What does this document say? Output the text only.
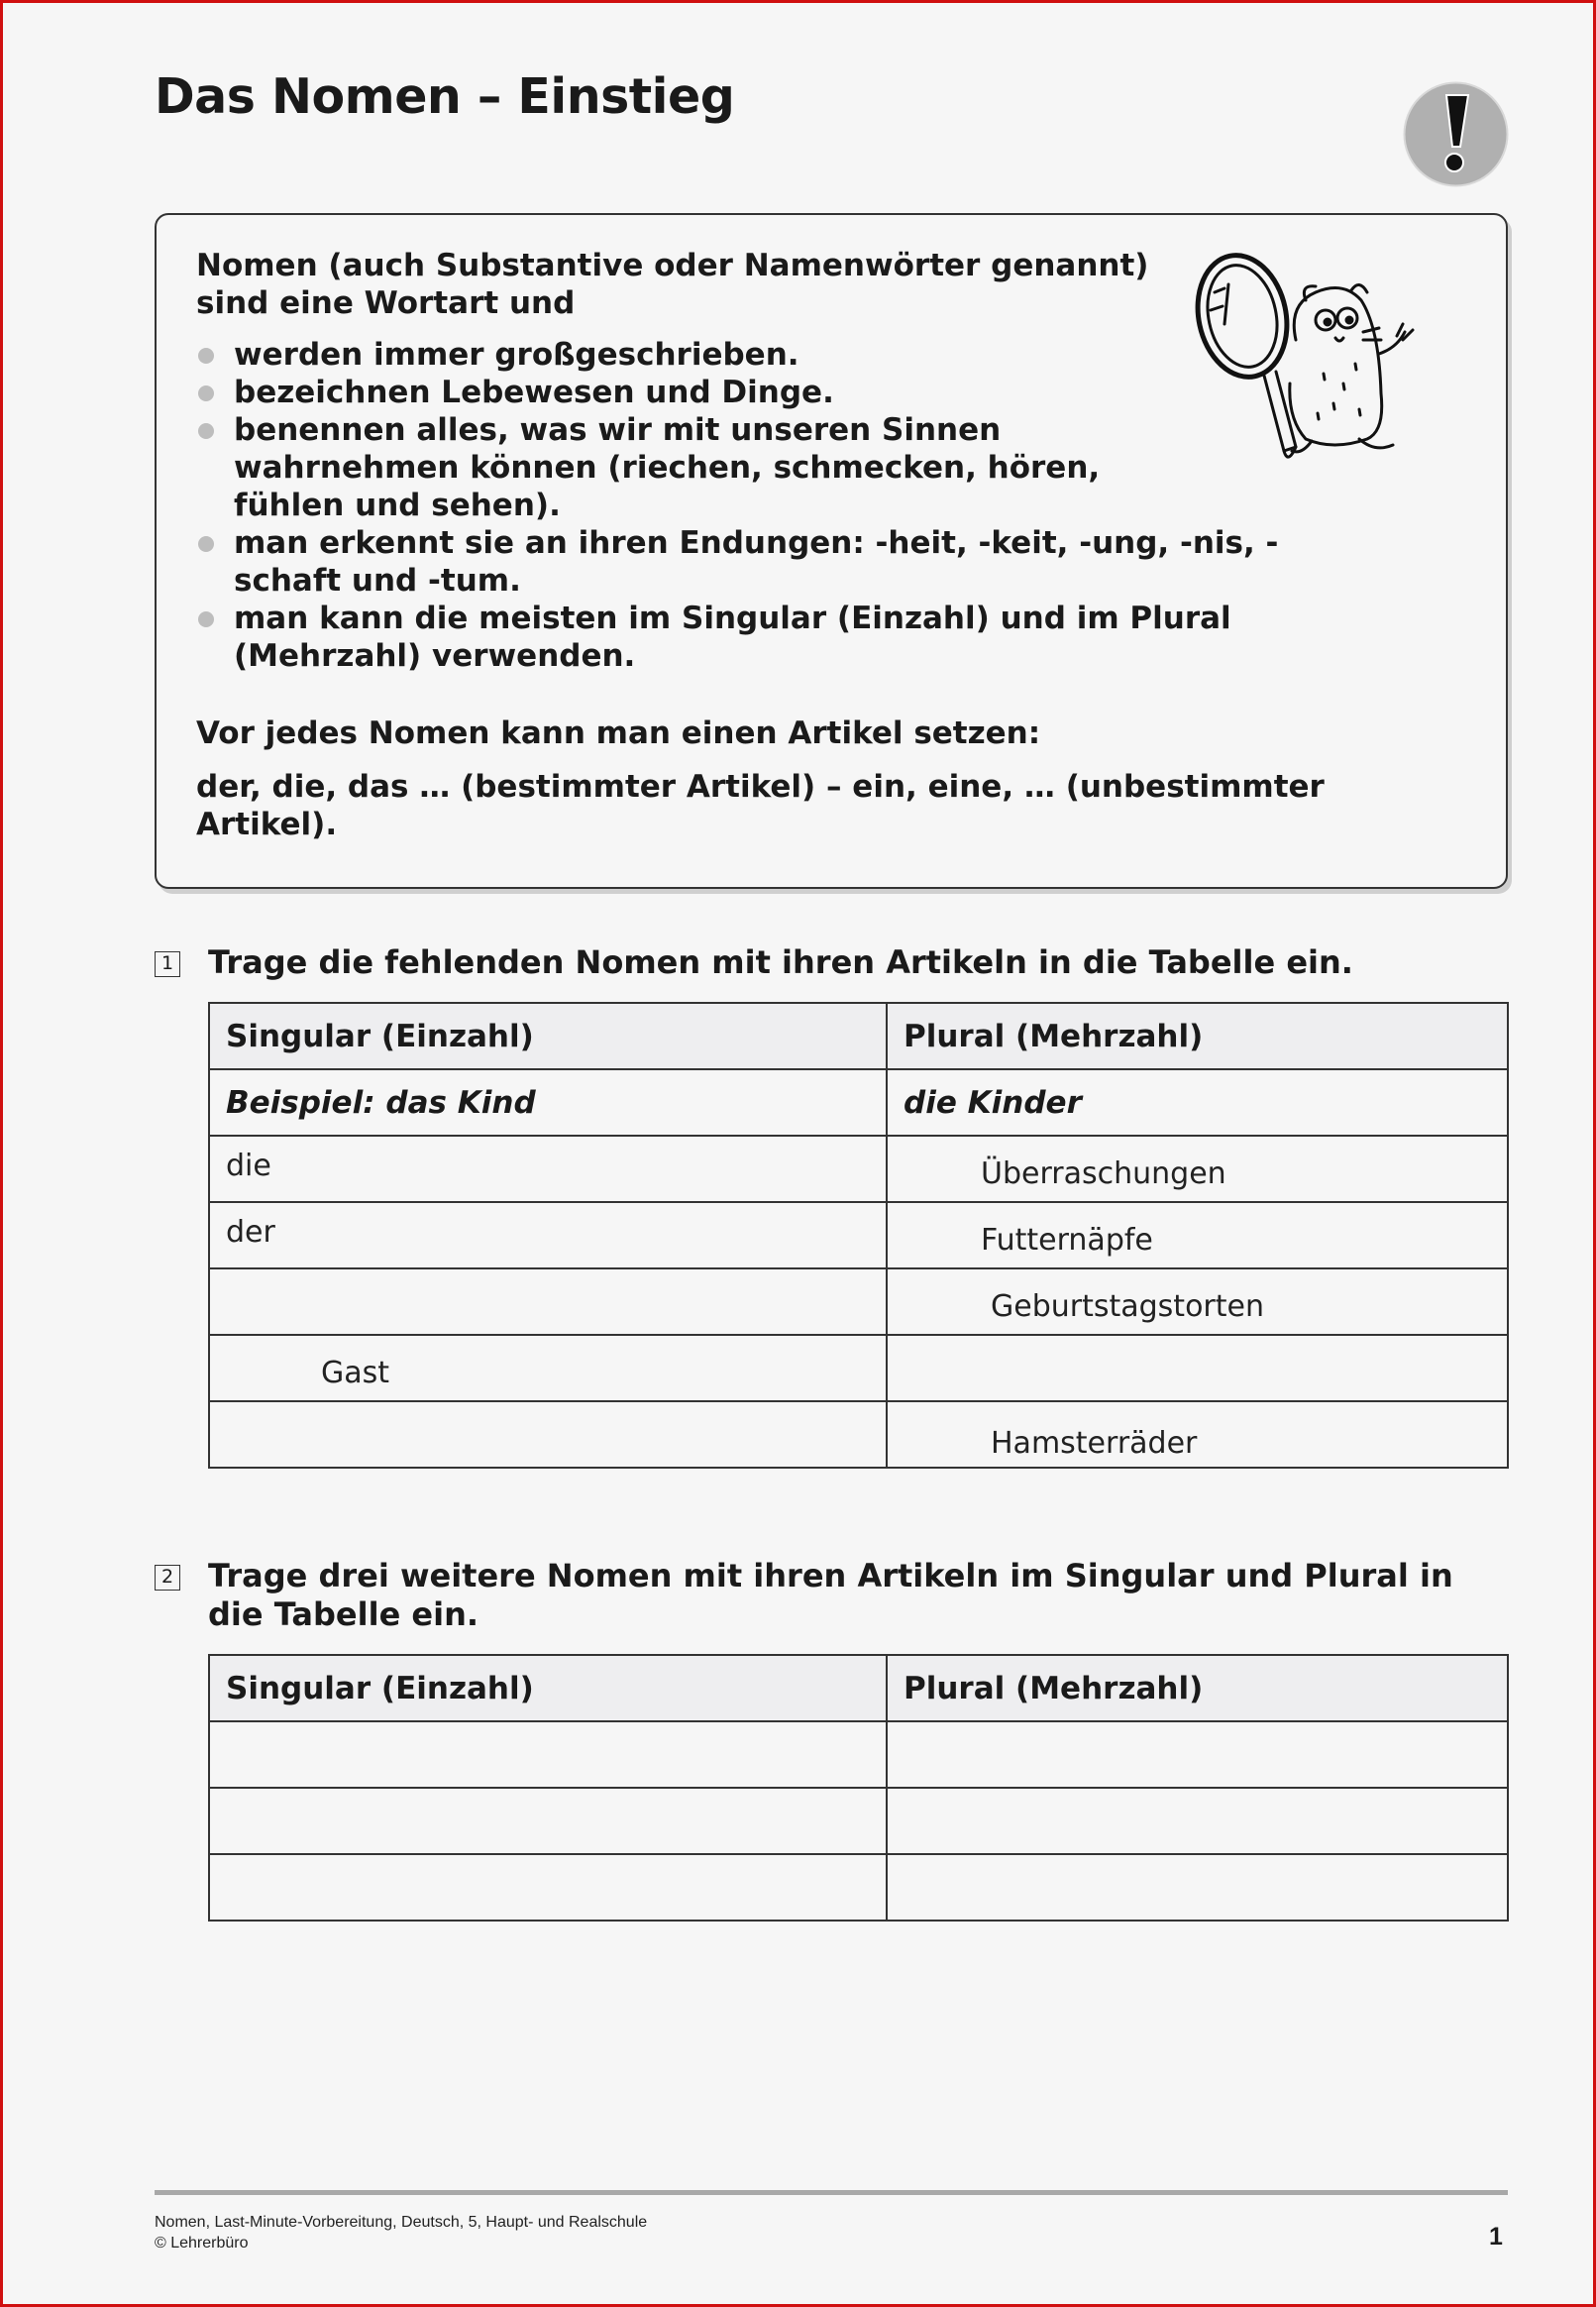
Das Nomen – Einstieg	!

Nomen (auch Substantive oder Namenwörter genannt)

sind eine Wortart und

werden immer großgeschrieben.
bezeichnen Lebewesen und Dinge.
benennen alles, was wir mit unseren Sinnen wahrnehmen können (riechen, schmecken, hören, fühlen und sehen).
man erkennt sie an ihren Endungen: -heit, -keit, -ung, -nis, -schaft und -tum.
man kann die meisten im Singular (Einzahl) und im Plural (Mehrzahl) verwenden.

Vor jedes Nomen kann man einen Artikel setzen:

der, die, das … (bestimmter Artikel) – ein, eine, … (unbestimmter Artikel).

1 Trage die fehlenden Nomen mit ihren Artikeln in die Tabelle ein.
Singular (Einzahl)	Plural (Mehrzahl)
Beispiel: das Kind	die Kinder
die	Überraschungen
der	Futternäpfe
	Geburtstagstorten
Gast	
	Hamsterräder
2 Trage drei weitere Nomen mit ihren Artikeln im Singular und Plural in die Tabelle ein.
Singular (Einzahl)	Plural (Mehrzahl)

Nomen, Last-Minute-Vorbereitung, Deutsch, 5, Haupt- und Realschule
© Lehrerbüro	1
